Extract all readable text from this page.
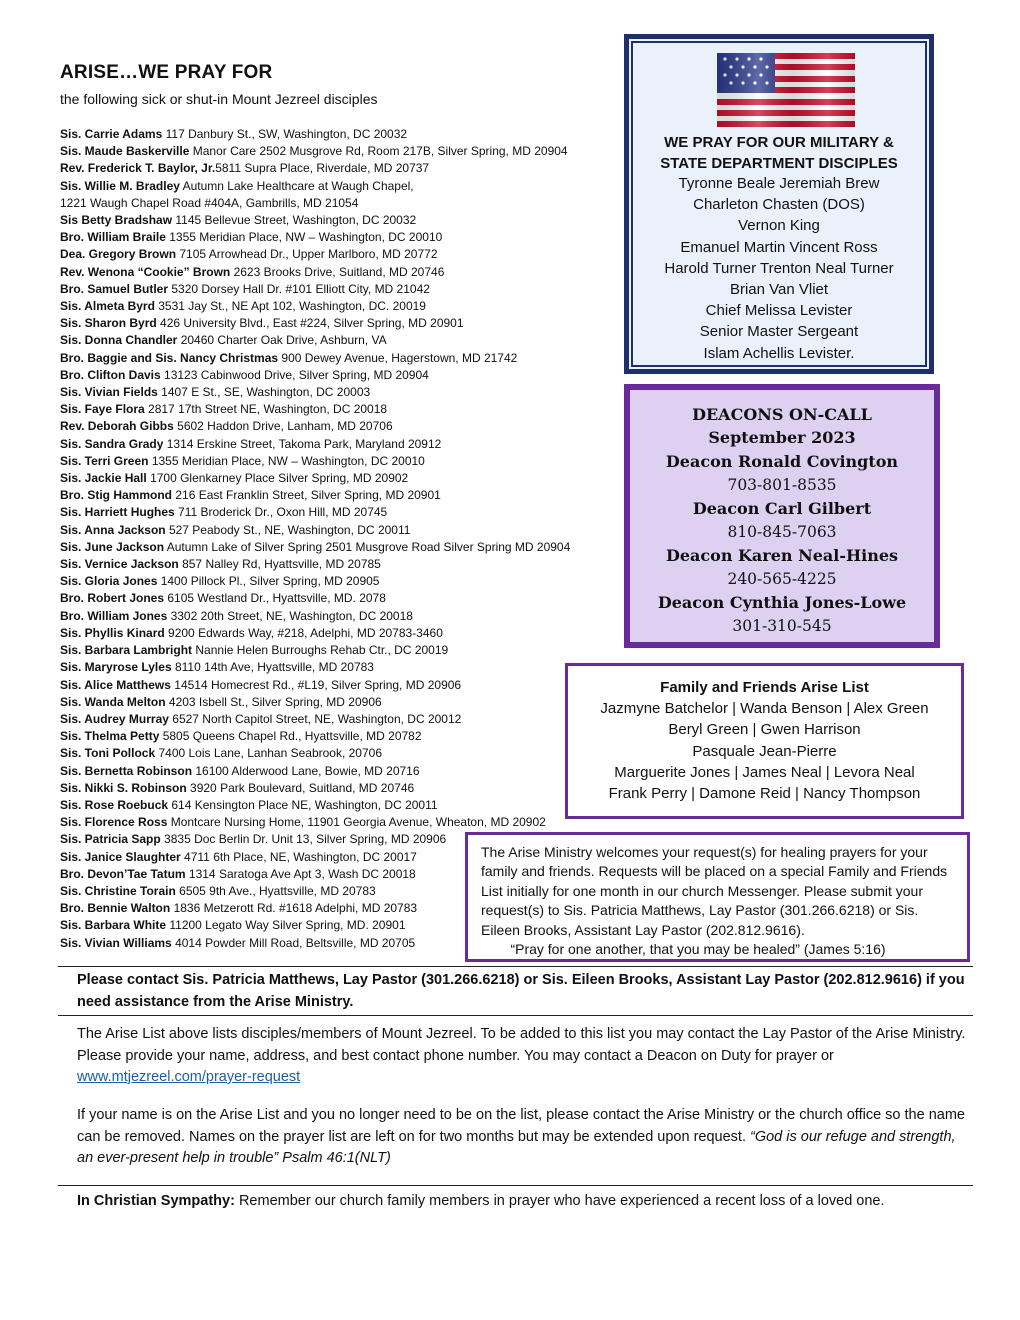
ARISE…WE PRAY FOR
the following sick or shut-in Mount Jezreel disciples
Sis. Carrie Adams 117 Danbury St., SW, Washington, DC 20032
Sis. Maude Baskerville Manor Care 2502 Musgrove Rd, Room 217B, Silver Spring, MD 20904
Rev. Frederick T. Baylor, Jr.5811 Supra Place, Riverdale, MD 20737
Sis. Willie M. Bradley Autumn Lake Healthcare at Waugh Chapel,
1221 Waugh Chapel Road #404A, Gambrills, MD 21054
Sis Betty Bradshaw 1145 Bellevue Street, Washington, DC 20032
Bro. William Braile 1355 Meridian Place, NW – Washington, DC 20010
Dea. Gregory Brown 7105 Arrowhead Dr., Upper Marlboro, MD 20772
Rev. Wenona “Cookie” Brown 2623 Brooks Drive, Suitland, MD 20746
Bro. Samuel Butler 5320 Dorsey Hall Dr. #101 Elliott City, MD 21042
Sis. Almeta Byrd 3531 Jay St., NE Apt 102, Washington, DC. 20019
Sis. Sharon Byrd 426 University Blvd., East #224, Silver Spring, MD 20901
Sis. Donna Chandler 20460 Charter Oak Drive, Ashburn, VA
Bro. Baggie and Sis. Nancy Christmas 900 Dewey Avenue, Hagerstown, MD 21742
Bro. Clifton Davis 13123 Cabinwood Drive, Silver Spring, MD 20904
Sis. Vivian Fields 1407 E St., SE, Washington, DC 20003
Sis. Faye Flora 2817 17th Street NE, Washington, DC 20018
Rev. Deborah Gibbs 5602 Haddon Drive, Lanham, MD 20706
Sis. Sandra Grady 1314 Erskine Street, Takoma Park, Maryland 20912
Sis. Terri Green 1355 Meridian Place, NW – Washington, DC 20010
Sis. Jackie Hall 1700 Glenkarney Place Silver Spring, MD 20902
Bro. Stig Hammond 216 East Franklin Street, Silver Spring, MD 20901
Sis. Harriett Hughes 711 Broderick Dr., Oxon Hill, MD 20745
Sis. Anna Jackson 527 Peabody St., NE, Washington, DC 20011
Sis. June Jackson Autumn Lake of Silver Spring 2501 Musgrove Road Silver Spring MD 20904
Sis. Vernice Jackson 857 Nalley Rd, Hyattsville, MD 20785
Sis. Gloria Jones 1400 Pillock Pl., Silver Spring, MD 20905
Bro. Robert Jones 6105 Westland Dr., Hyattsville, MD. 2078
Bro. William Jones 3302 20th Street, NE, Washington, DC 20018
Sis. Phyllis Kinard 9200 Edwards Way, #218, Adelphi, MD 20783-3460
Sis. Barbara Lambright Nannie Helen Burroughs Rehab Ctr., DC 20019
Sis. Maryrose Lyles 8110 14th Ave, Hyattsville, MD 20783
Sis. Alice Matthews 14514 Homecrest Rd., #L19, Silver Spring, MD 20906
Sis. Wanda Melton 4203 Isbell St., Silver Spring, MD 20906
Sis. Audrey Murray 6527 North Capitol Street, NE, Washington, DC 20012
Sis. Thelma Petty 5805 Queens Chapel Rd., Hyattsville, MD 20782
Sis. Toni Pollock 7400 Lois Lane, Lanhan Seabrook, 20706
Sis. Bernetta Robinson 16100 Alderwood Lane, Bowie, MD 20716
Sis. Nikki S. Robinson 3920 Park Boulevard, Suitland, MD 20746
Sis. Rose Roebuck 614 Kensington Place NE, Washington, DC 20011
Sis. Florence Ross Montcare Nursing Home, 11901 Georgia Avenue, Wheaton, MD 20902
Sis. Patricia Sapp 3835 Doc Berlin Dr. Unit 13, Silver Spring, MD 20906
Sis. Janice Slaughter 4711 6th Place, NE, Washington, DC 20017
Bro. Devon’Tae Tatum 1314 Saratoga Ave Apt 3, Wash DC 20018
Sis. Christine Torain 6505 9th Ave., Hyattsville, MD 20783
Bro. Bennie Walton 1836 Metzerott Rd. #1618 Adelphi, MD 20783
Sis. Barbara White 11200 Legato Way Silver Spring, MD. 20901
Sis. Vivian Williams 4014 Powder Mill Road, Beltsville, MD 20705
WE PRAY FOR OUR MILITARY &
STATE DEPARTMENT DISCIPLES
Tyronne Beale Jeremiah Brew
Charleton Chasten (DOS)
Vernon King
Emanuel Martin Vincent Ross
Harold Turner Trenton Neal Turner
Brian Van Vliet
Chief Melissa Levister
Senior Master Sergeant
Islam Achellis Levister.
DEACONS ON-CALL
September 2023
Deacon Ronald Covington
703-801-8535
Deacon Carl Gilbert
810-845-7063
Deacon Karen Neal-Hines
240-565-4225
Deacon Cynthia Jones-Lowe
301-310-545
Family and Friends Arise List
Jazmyne Batchelor | Wanda Benson | Alex Green
Beryl Green | Gwen Harrison
Pasquale Jean-Pierre
Marguerite Jones | James Neal | Levora Neal
Frank Perry | Damone Reid | Nancy Thompson
The Arise Ministry welcomes your request(s) for healing prayers for your family and friends. Requests will be placed on a special Family and Friends List initially for one month in our church Messenger. Please submit your request(s) to Sis. Patricia Matthews, Lay Pastor (301.266.6218) or Sis. Eileen Brooks, Assistant Lay Pastor (202.812.9616).
“Pray for one another, that you may be healed” (James 5:16)
Please contact Sis. Patricia Matthews, Lay Pastor (301.266.6218) or Sis. Eileen Brooks, Assistant Lay Pastor (202.812.9616) if you need assistance from the Arise Ministry.
The Arise List above lists disciples/members of Mount Jezreel. To be added to this list you may contact the Lay Pastor of the Arise Ministry. Please provide your name, address, and best contact phone number. You may contact a Deacon on Duty for prayer or www.mtjezreel.com/prayer-request
If your name is on the Arise List and you no longer need to be on the list, please contact the Arise Ministry or the church office so the name can be removed. Names on the prayer list are left on for two months but may be extended upon request. “God is our refuge and strength, an ever-present help in trouble” Psalm 46:1(NLT)
In Christian Sympathy: Remember our church family members in prayer who have experienced a recent loss of a loved one.
